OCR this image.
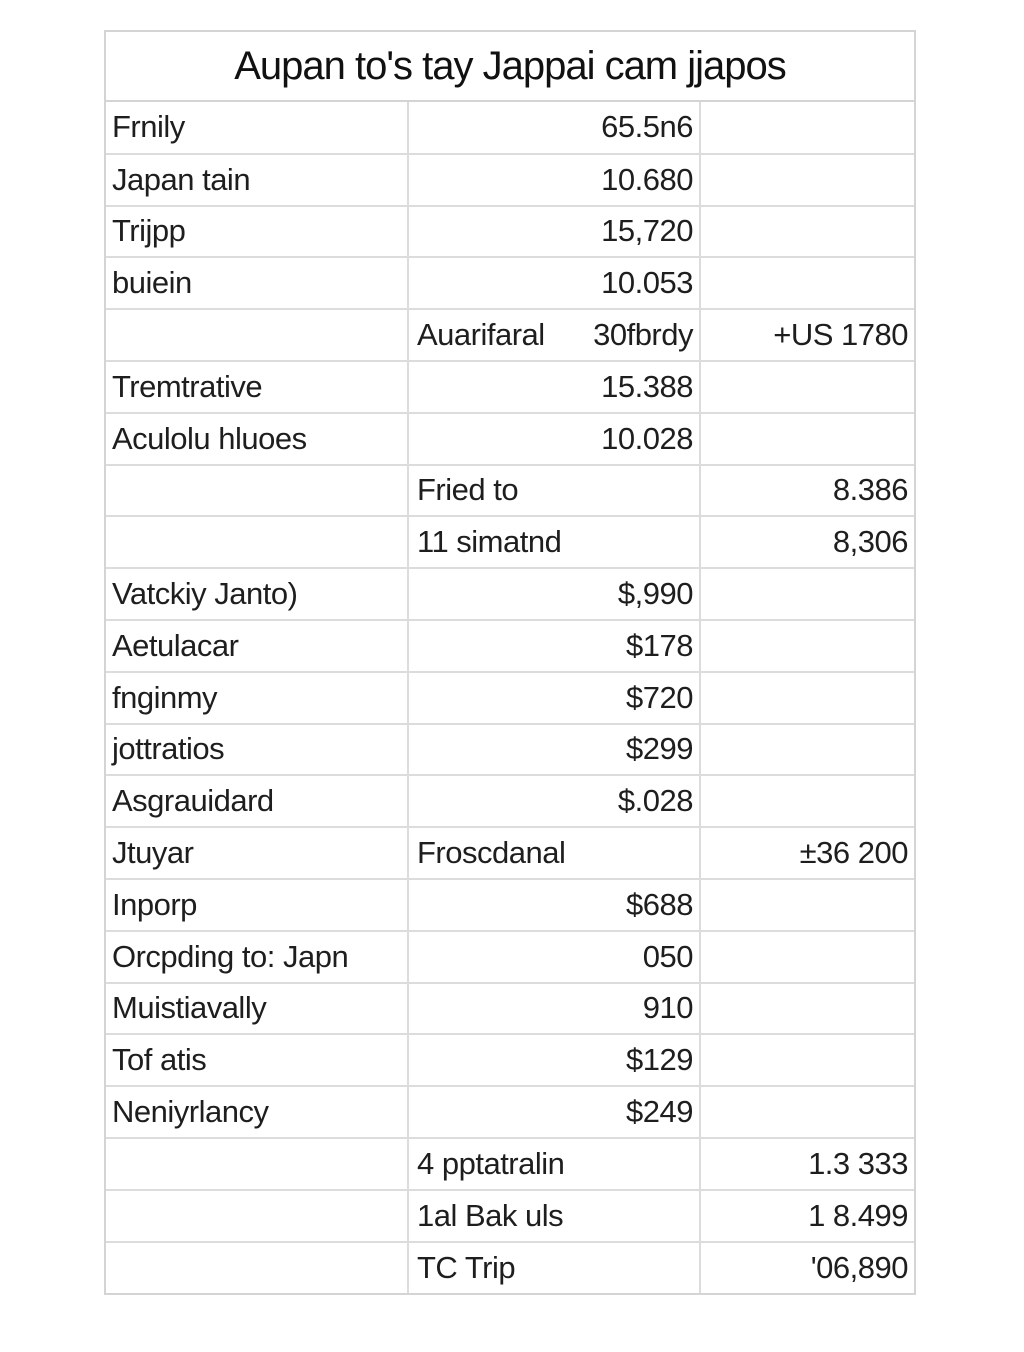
Aupan to's tay Jappai cam jjapos
Frnily	65.5n6	

Japan tain	10.680	

Trijpp	15,720	

buiein	10.053	

	Auarifaral 30fbrdy	+US 1780
Tremtrative	15.388	

Aculolu hluoes	10.028	

	Fried to	8.386

	11 simatnd	8,306
Vatckiy Janto)	$,990	

Aetulacar	$178	

fnginmy	$720	

jottratios	$299	

Asgrauidard	$.028	

Jtuyar	Froscdanal	±36 200
Inporp	$688	

Orcpding to: Japn	050	

Muistiavally	910	

Tof atis	$129	

Neniyrlancy	$249	

	4 pptatralin	1.3 333

	1al Bak uls	1 8.499

	TC Trip	'06,890
